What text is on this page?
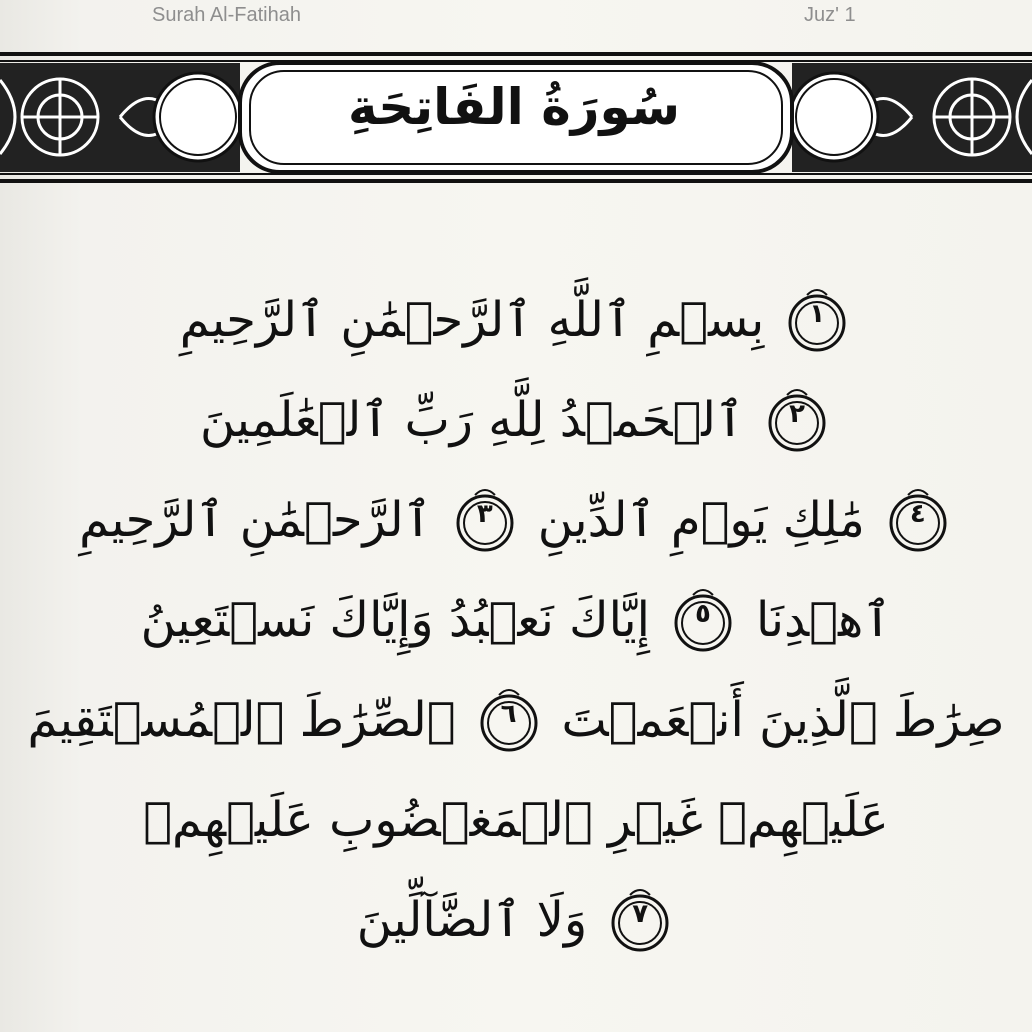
Surah Al-Fatihah	Juz' 1
سُورَةُ الفَاتِحَةِ
بِسۡمِ ٱللَّهِ ٱلرَّحۡمَٰنِ ٱلرَّحِيمِ	١
ٱلۡحَمۡدُ لِلَّهِ رَبِّ ٱلۡعَٰلَمِينَ	٢
ٱلرَّحۡمَٰنِ ٱلرَّحِيمِ	٣ مَٰلِكِ يَوۡمِ ٱلدِّينِ	٤
إِيَّاكَ نَعۡبُدُ وَإِيَّاكَ نَسۡتَعِينُ	٥ ٱهۡدِنَا
ٱلصِّرَٰطَ ٱلۡمُسۡتَقِيمَ	٦ صِرَٰطَ ٱلَّذِينَ أَنۡعَمۡتَ
عَلَيۡهِمۡ غَيۡرِ ٱلۡمَغۡضُوبِ عَلَيۡهِمۡ
وَلَا ٱلضَّآلِّينَ	٧
